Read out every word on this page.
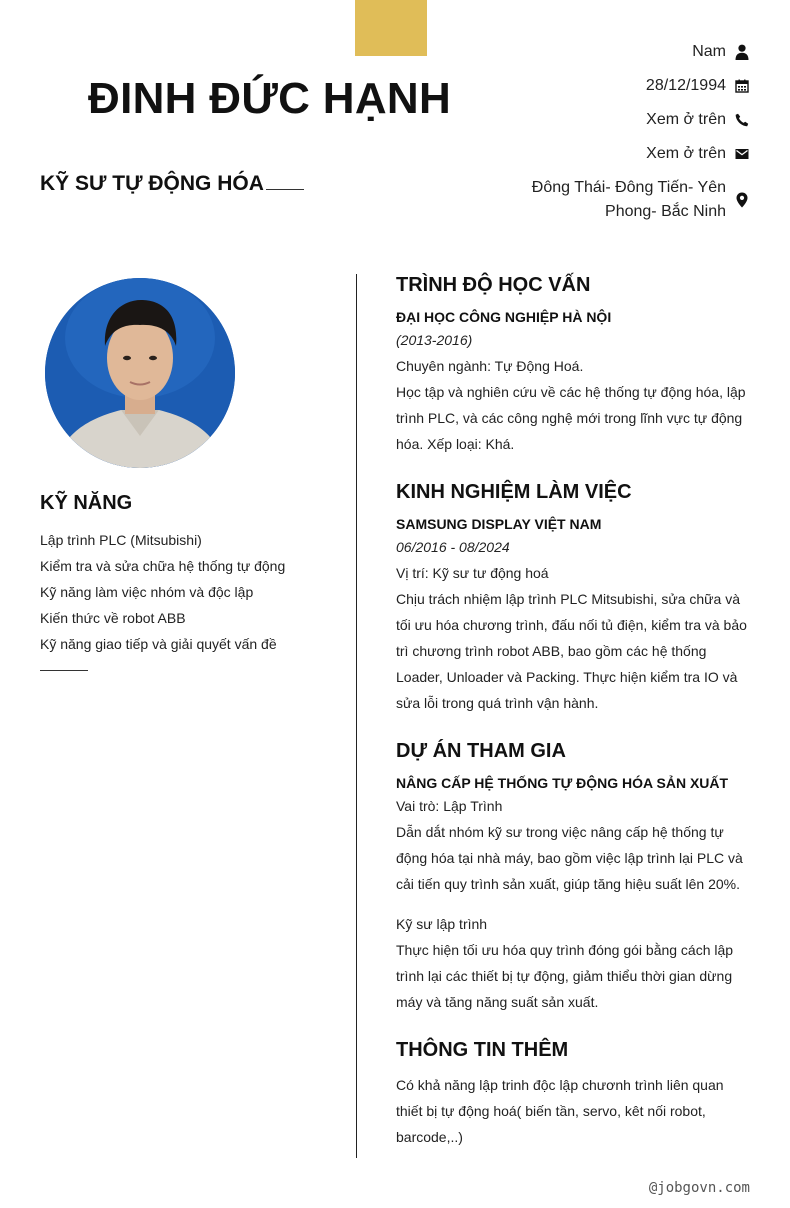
ĐINH ĐỨC HẠNH
KỸ SƯ TỰ ĐỘNG HÓA
Nam
28/12/1994
Xem ở trên
Xem ở trên
Đông Thái- Đông Tiến- Yên Phong- Bắc Ninh
KỸ NĂNG
Lập trình PLC (Mitsubishi)
Kiểm tra và sửa chữa hệ thống tự động
Kỹ năng làm việc nhóm và độc lập
Kiến thức về robot ABB
Kỹ năng giao tiếp và giải quyết vấn đề
TRÌNH ĐỘ HỌC VẤN
ĐẠI HỌC CÔNG NGHIỆP HÀ NỘI
(2013-2016)
Chuyên ngành: Tự Động Hoá.
Học tập và nghiên cứu về các hệ thống tự động hóa, lập trình PLC, và các công nghệ mới trong lĩnh vực tự động hóa. Xếp loại: Khá.
KINH NGHIỆM LÀM VIỆC
SAMSUNG DISPLAY VIỆT NAM
06/2016 - 08/2024
Vị trí: Kỹ sư tư động hoá
Chịu trách nhiệm lập trình PLC Mitsubishi, sửa chữa và tối ưu hóa chương trình, đấu nối tủ điện, kiểm tra và bảo trì chương trình robot ABB, bao gồm các hệ thống Loader, Unloader và Packing. Thực hiện kiểm tra IO và sửa lỗi trong quá trình vận hành.
DỰ ÁN THAM GIA
NÂNG CẤP HỆ THỐNG TỰ ĐỘNG HÓA SẢN XUẤT
Vai trò: Lập Trình
Dẫn dắt nhóm kỹ sư trong việc nâng cấp hệ thống tự động hóa tại nhà máy, bao gồm việc lập trình lại PLC và cải tiến quy trình sản xuất, giúp tăng hiệu suất lên 20%.
Kỹ sư lập trình
Thực hiện tối ưu hóa quy trình đóng gói bằng cách lập trình lại các thiết bị tự động, giảm thiểu thời gian dừng máy và tăng năng suất sản xuất.
THÔNG TIN THÊM
Có khả năng lập trinh độc lập chươnh trình liên quan thiết bị tự động hoá( biến tần, servo, kêt nối robot, barcode,..)
@jobgovn.com
